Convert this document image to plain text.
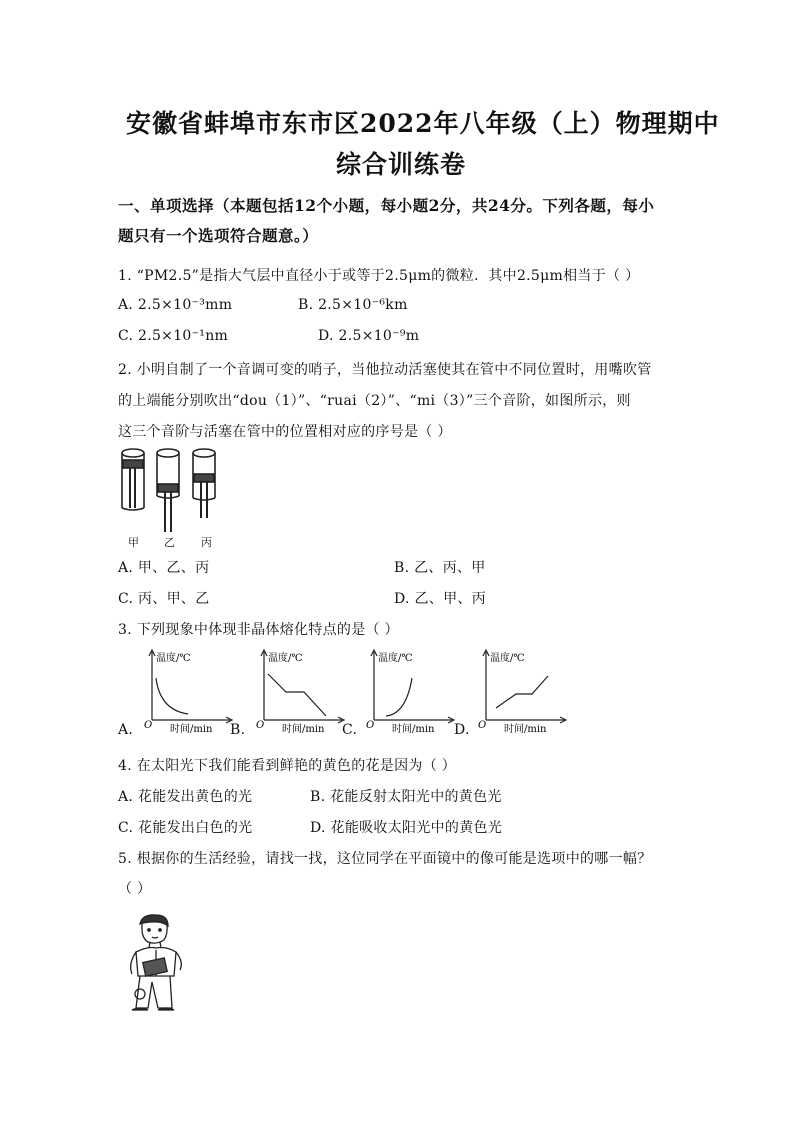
安徽省蚌埠市东市区2022年八年级（上）物理期中
综合训练卷
一、单项选择（本题包括12个小题，每小题2分，共24分。下列各题，每小
题只有一个选项符合题意。）
1. “PM2.5”是指大气层中直径小于或等于2.5μm的微粒．其中2.5μm相当于（ ）
A. 2.5×10⁻³mm	B. 2.5×10⁻⁶km
C. 2.5×10⁻¹nm	D. 2.5×10⁻⁹m
2. 小明自制了一个音调可变的哨子，当他拉动活塞使其在管中不同位置时，用嘴吹管
的上端能分别吹出“dou（1）”、“ruai（2）”、“mi（3）”三个音阶，如图所示，则
这三个音阶与活塞在管中的位置相对应的序号是（ ）
甲 乙 丙
A. 甲、乙、丙	B. 乙、丙、甲
C. 丙、甲、乙	D. 乙、甲、丙
3. 下列现象中体现非晶体熔化特点的是（ ）
A.	B.	C.	D.
温度/℃
O 时间/min
温度/℃
O 时间/min
温度/℃
O 时间/min
温度/℃
O 时间/min
4. 在太阳光下我们能看到鲜艳的黄色的花是因为（ ）
A. 花能发出黄色的光	B. 花能反射太阳光中的黄色光
C. 花能发出白色的光	D. 花能吸收太阳光中的黄色光
5. 根据你的生活经验，请找一找，这位同学在平面镜中的像可能是选项中的哪一幅？
（ ）
